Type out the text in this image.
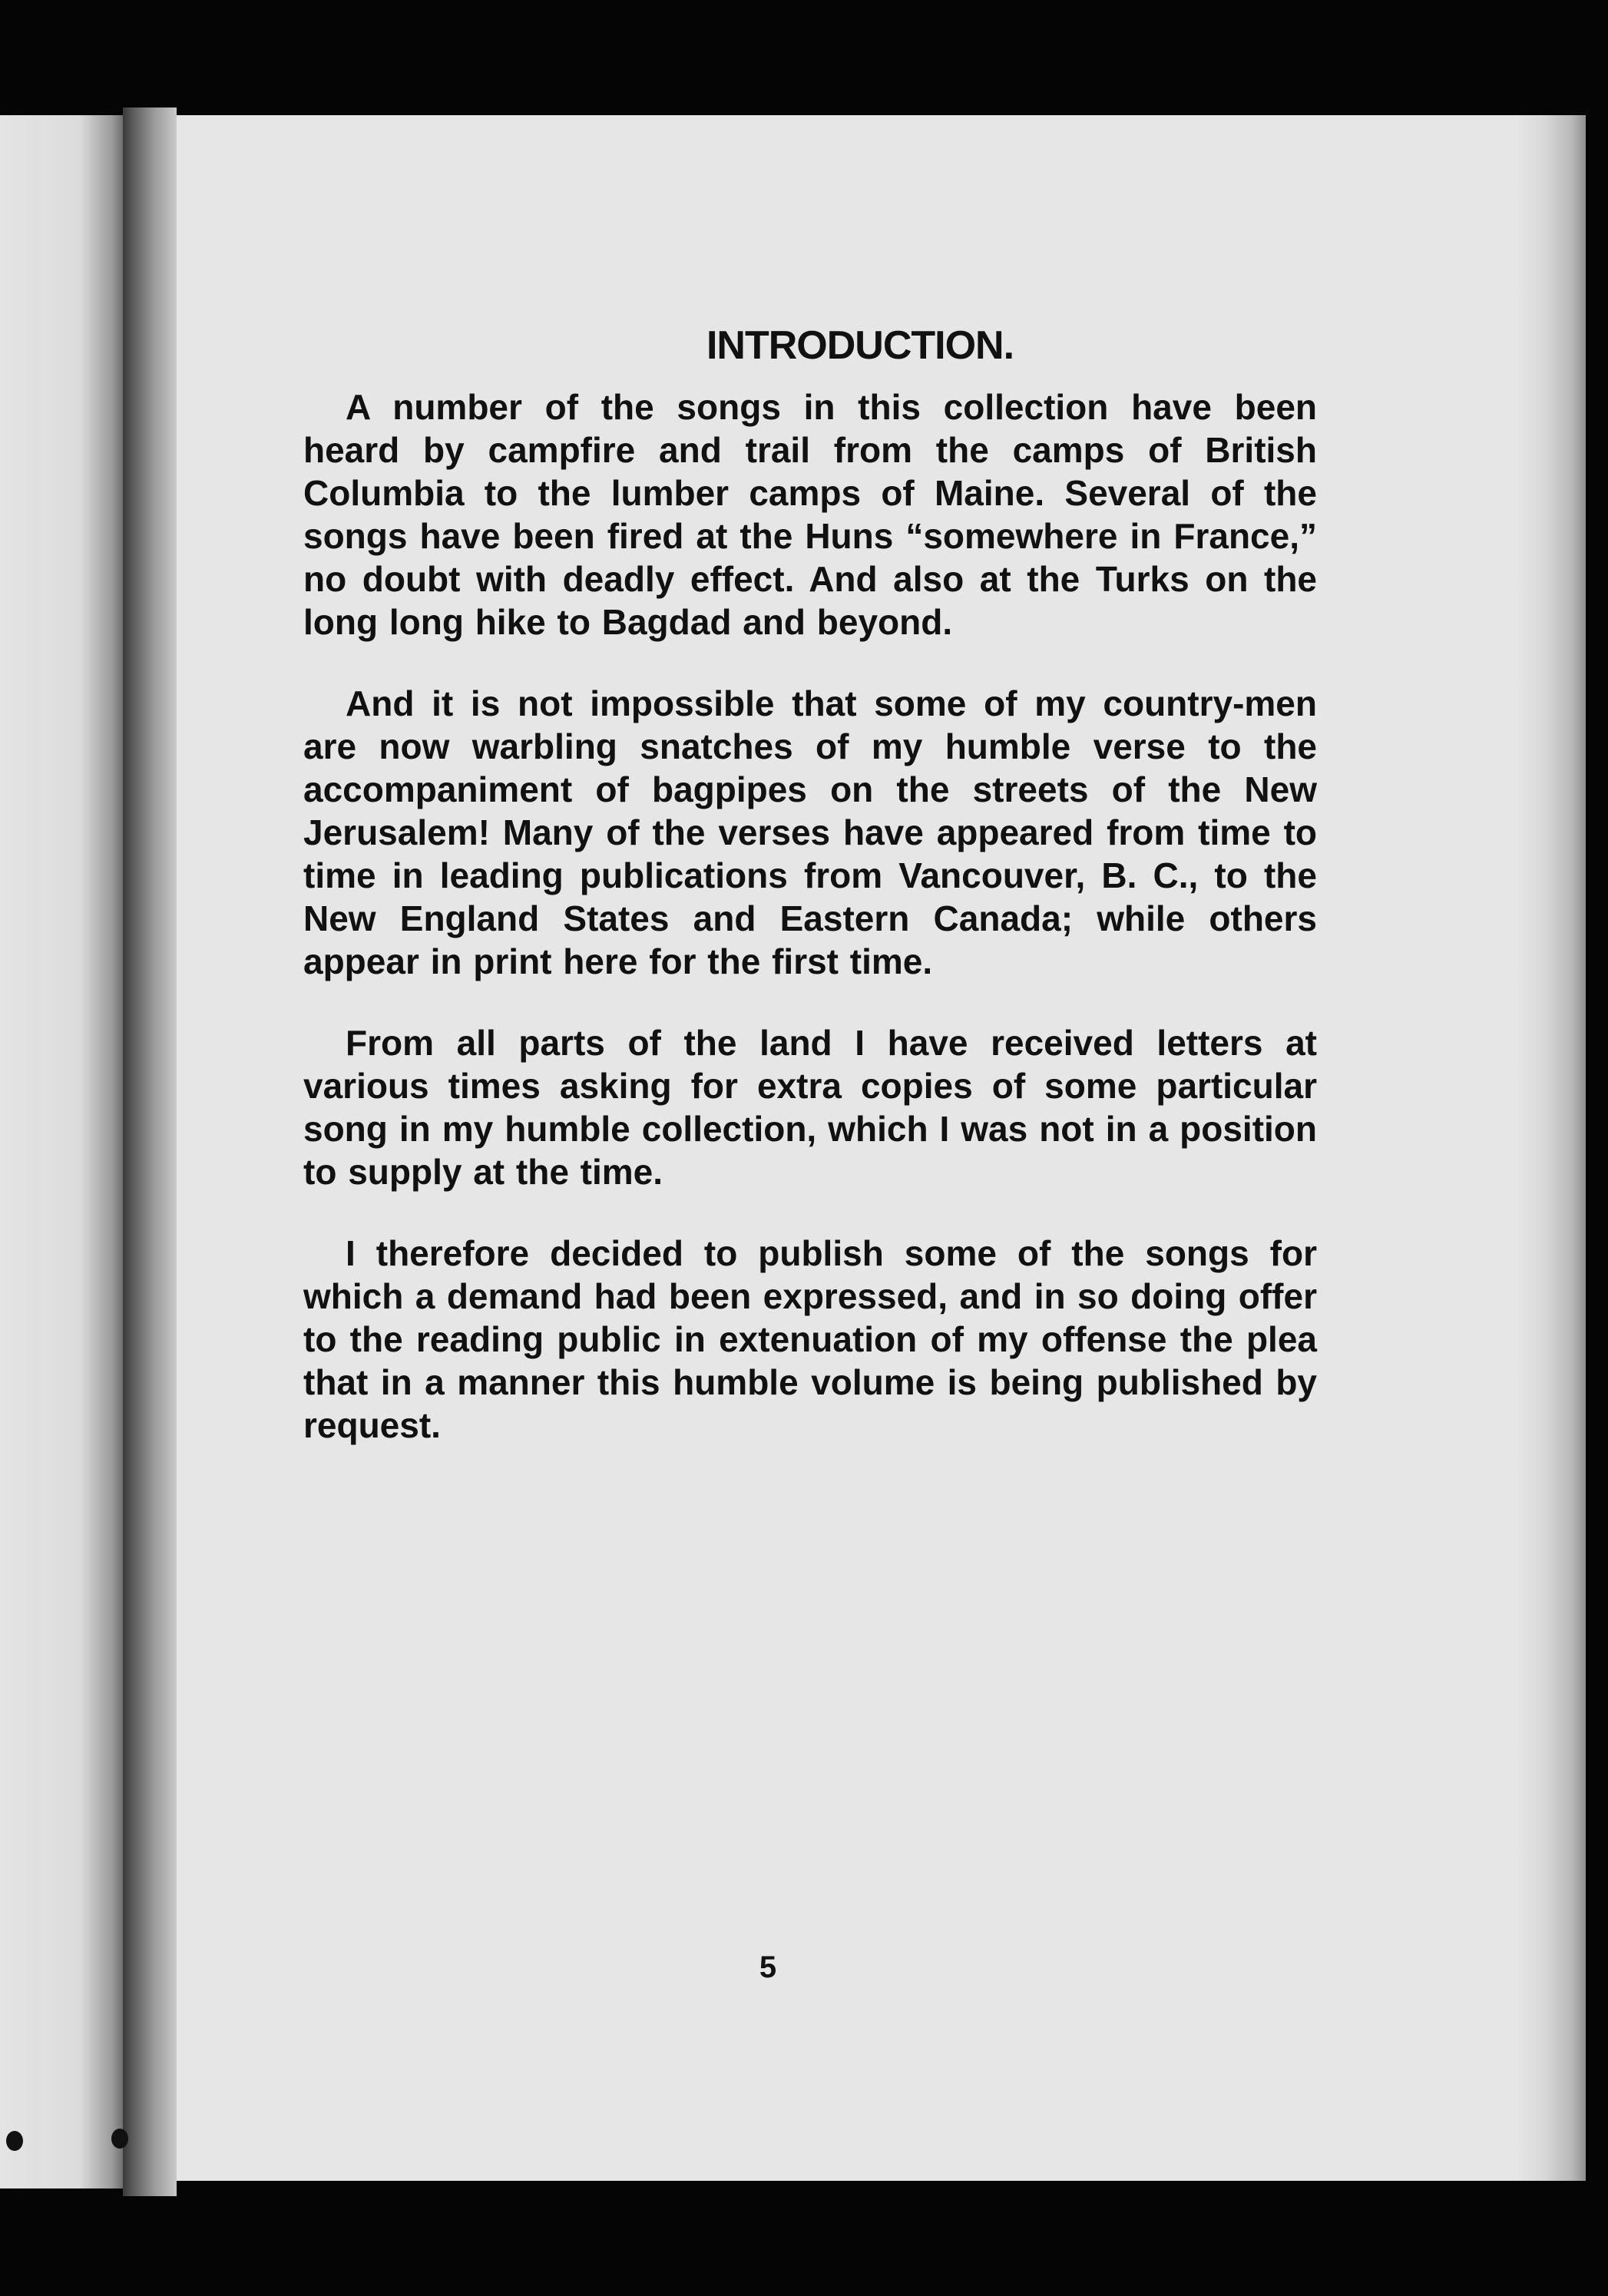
INTRODUCTION.

A number of the songs in this collection have been heard by campfire and trail from the camps of British Columbia to the lumber camps of Maine. Several of the songs have been fired at the Huns “somewhere in France,” no doubt with deadly effect. And also at the Turks on the long long hike to Bagdad and beyond.

And it is not impossible that some of my country-men are now warbling snatches of my humble verse to the accompaniment of bagpipes on the streets of the New Jerusalem! Many of the verses have appeared from time to time in leading publications from Vancouver, B. C., to the New England States and Eastern Canada; while others appear in print here for the first time.

From all parts of the land I have received letters at various times asking for extra copies of some particular song in my humble collection, which I was not in a position to supply at the time.

I therefore decided to publish some of the songs for which a demand had been expressed, and in so doing offer to the reading public in extenuation of my offense the plea that in a manner this humble volume is being published by request.

5
